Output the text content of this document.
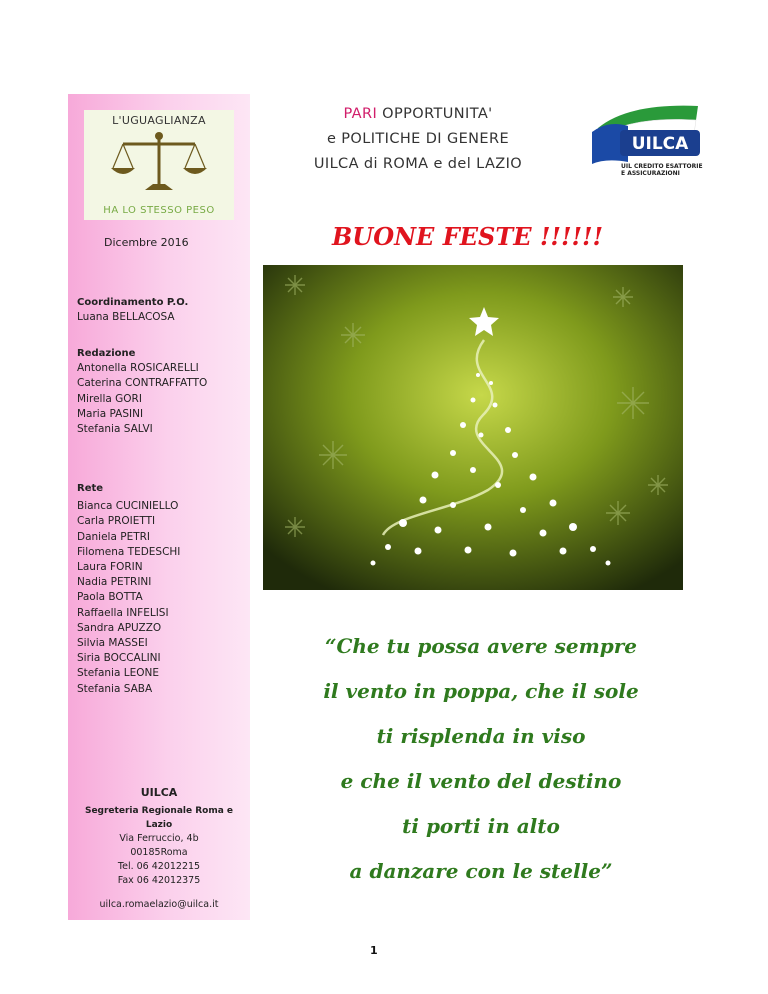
L'UGUAGLIANZA
HA LO STESSO PESO
Dicembre 2016
Coordinamento P.O.
Luana BELLACOSA
Redazione
Antonella ROSICARELLI
Caterina CONTRAFFATTO
Mirella GORI
Maria PASINI
Stefania SALVI
Rete
Bianca CUCINIELLO
Carla PROIETTI
Daniela PETRI
Filomena TEDESCHI
Laura FORIN
Nadia PETRINI
Paola BOTTA
Raffaella INFELISI
Sandra APUZZO
Silvia MASSEI
Siria BOCCALINI
Stefania LEONE
Stefania SABA
UILCA
Segreteria Regionale Roma e
Lazio
Via Ferruccio, 4b
00185Roma
Tel. 06 42012215
Fax 06 42012375
uilca.romaelazio@uilca.it
PARI OPPORTUNITA'
e POLITICHE DI GENERE
UILCA di ROMA e del LAZIO
UILCA
UIL CREDITO ESATTORIE
E ASSICURAZIONI
BUONE FESTE !!!!!!
“Che tu possa avere sempre
il vento in poppa, che il sole
ti risplenda in viso
e che il vento del destino
ti porti in alto
a danzare con le stelle”
1
